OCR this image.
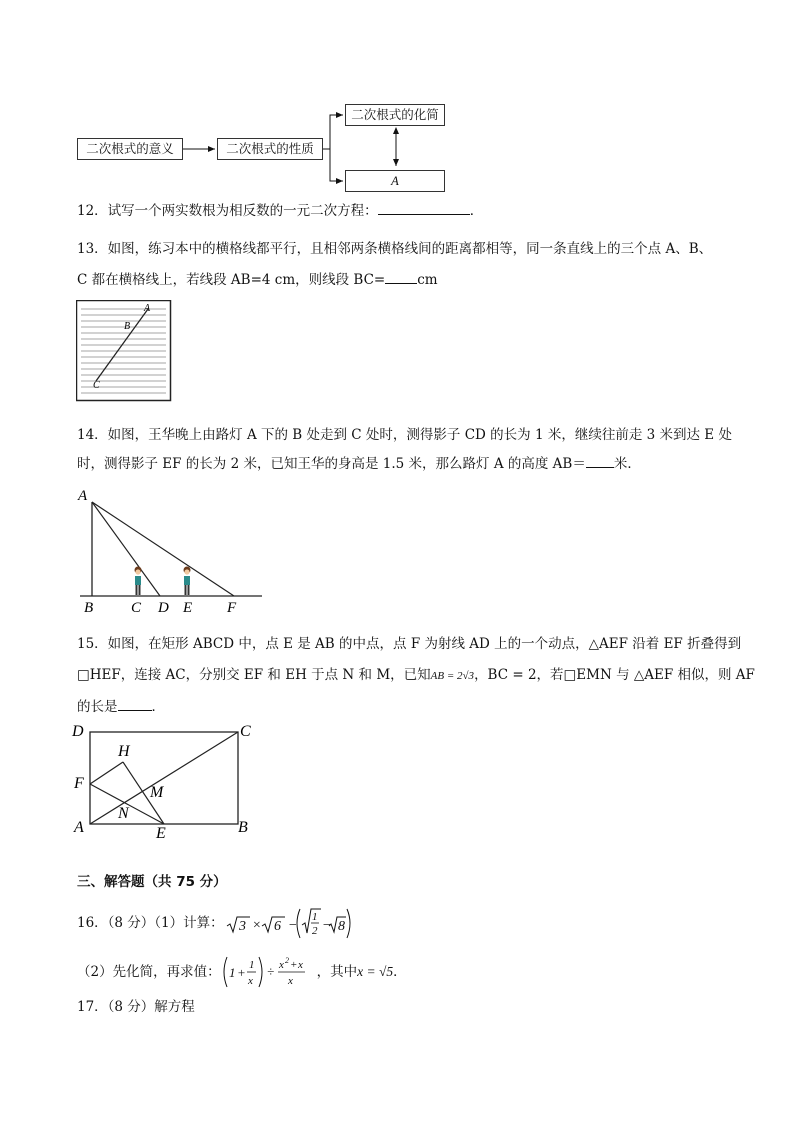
二次根式的意义	二次根式的性质
二次根式的化简
A
12．试写一个两实数根为相反数的一元二次方程：	．
13．如图，练习本中的横格线都平行，且相邻两条横格线间的距离都相等，同一条直线上的三个点 A、B、
C 都在横格线上，若线段 AB=4 cm，则线段 BC= cm
A
B
C
14．如图，王华晚上由路灯 A 下的 B 处走到 C 处时，测得影子 CD 的长为 1 米，继续往前走 3 米到达 E 处
时，测得影子 EF 的长为 2 米，已知王华的身高是 1.5 米，那么路灯 A 的高度 AB＝ 米．
A
B	C D E F
15．如图，在矩形 ABCD 中，点 E 是 AB 的中点，点 F 为射线 AD 上的一个动点，△AEF 沿着 EF 折叠得到
□HEF，连接 AC，分别交 EF 和 EH 于点 N 和 M，已知AB = 2√3，BC = 2，若□EMN 与 △AEF 相似，则 AF
的长是	．
D	C
H
F
M
N
A	E	B
三、解答题（共 75 分）
16．（8 分）（1）计算： 3 × 6 −
1
2 − 8
（2）先化简，再求值： 1 + 1
x
÷ x 2 + x
x
，其中 x = √5 ．
17．（8 分）解方程
